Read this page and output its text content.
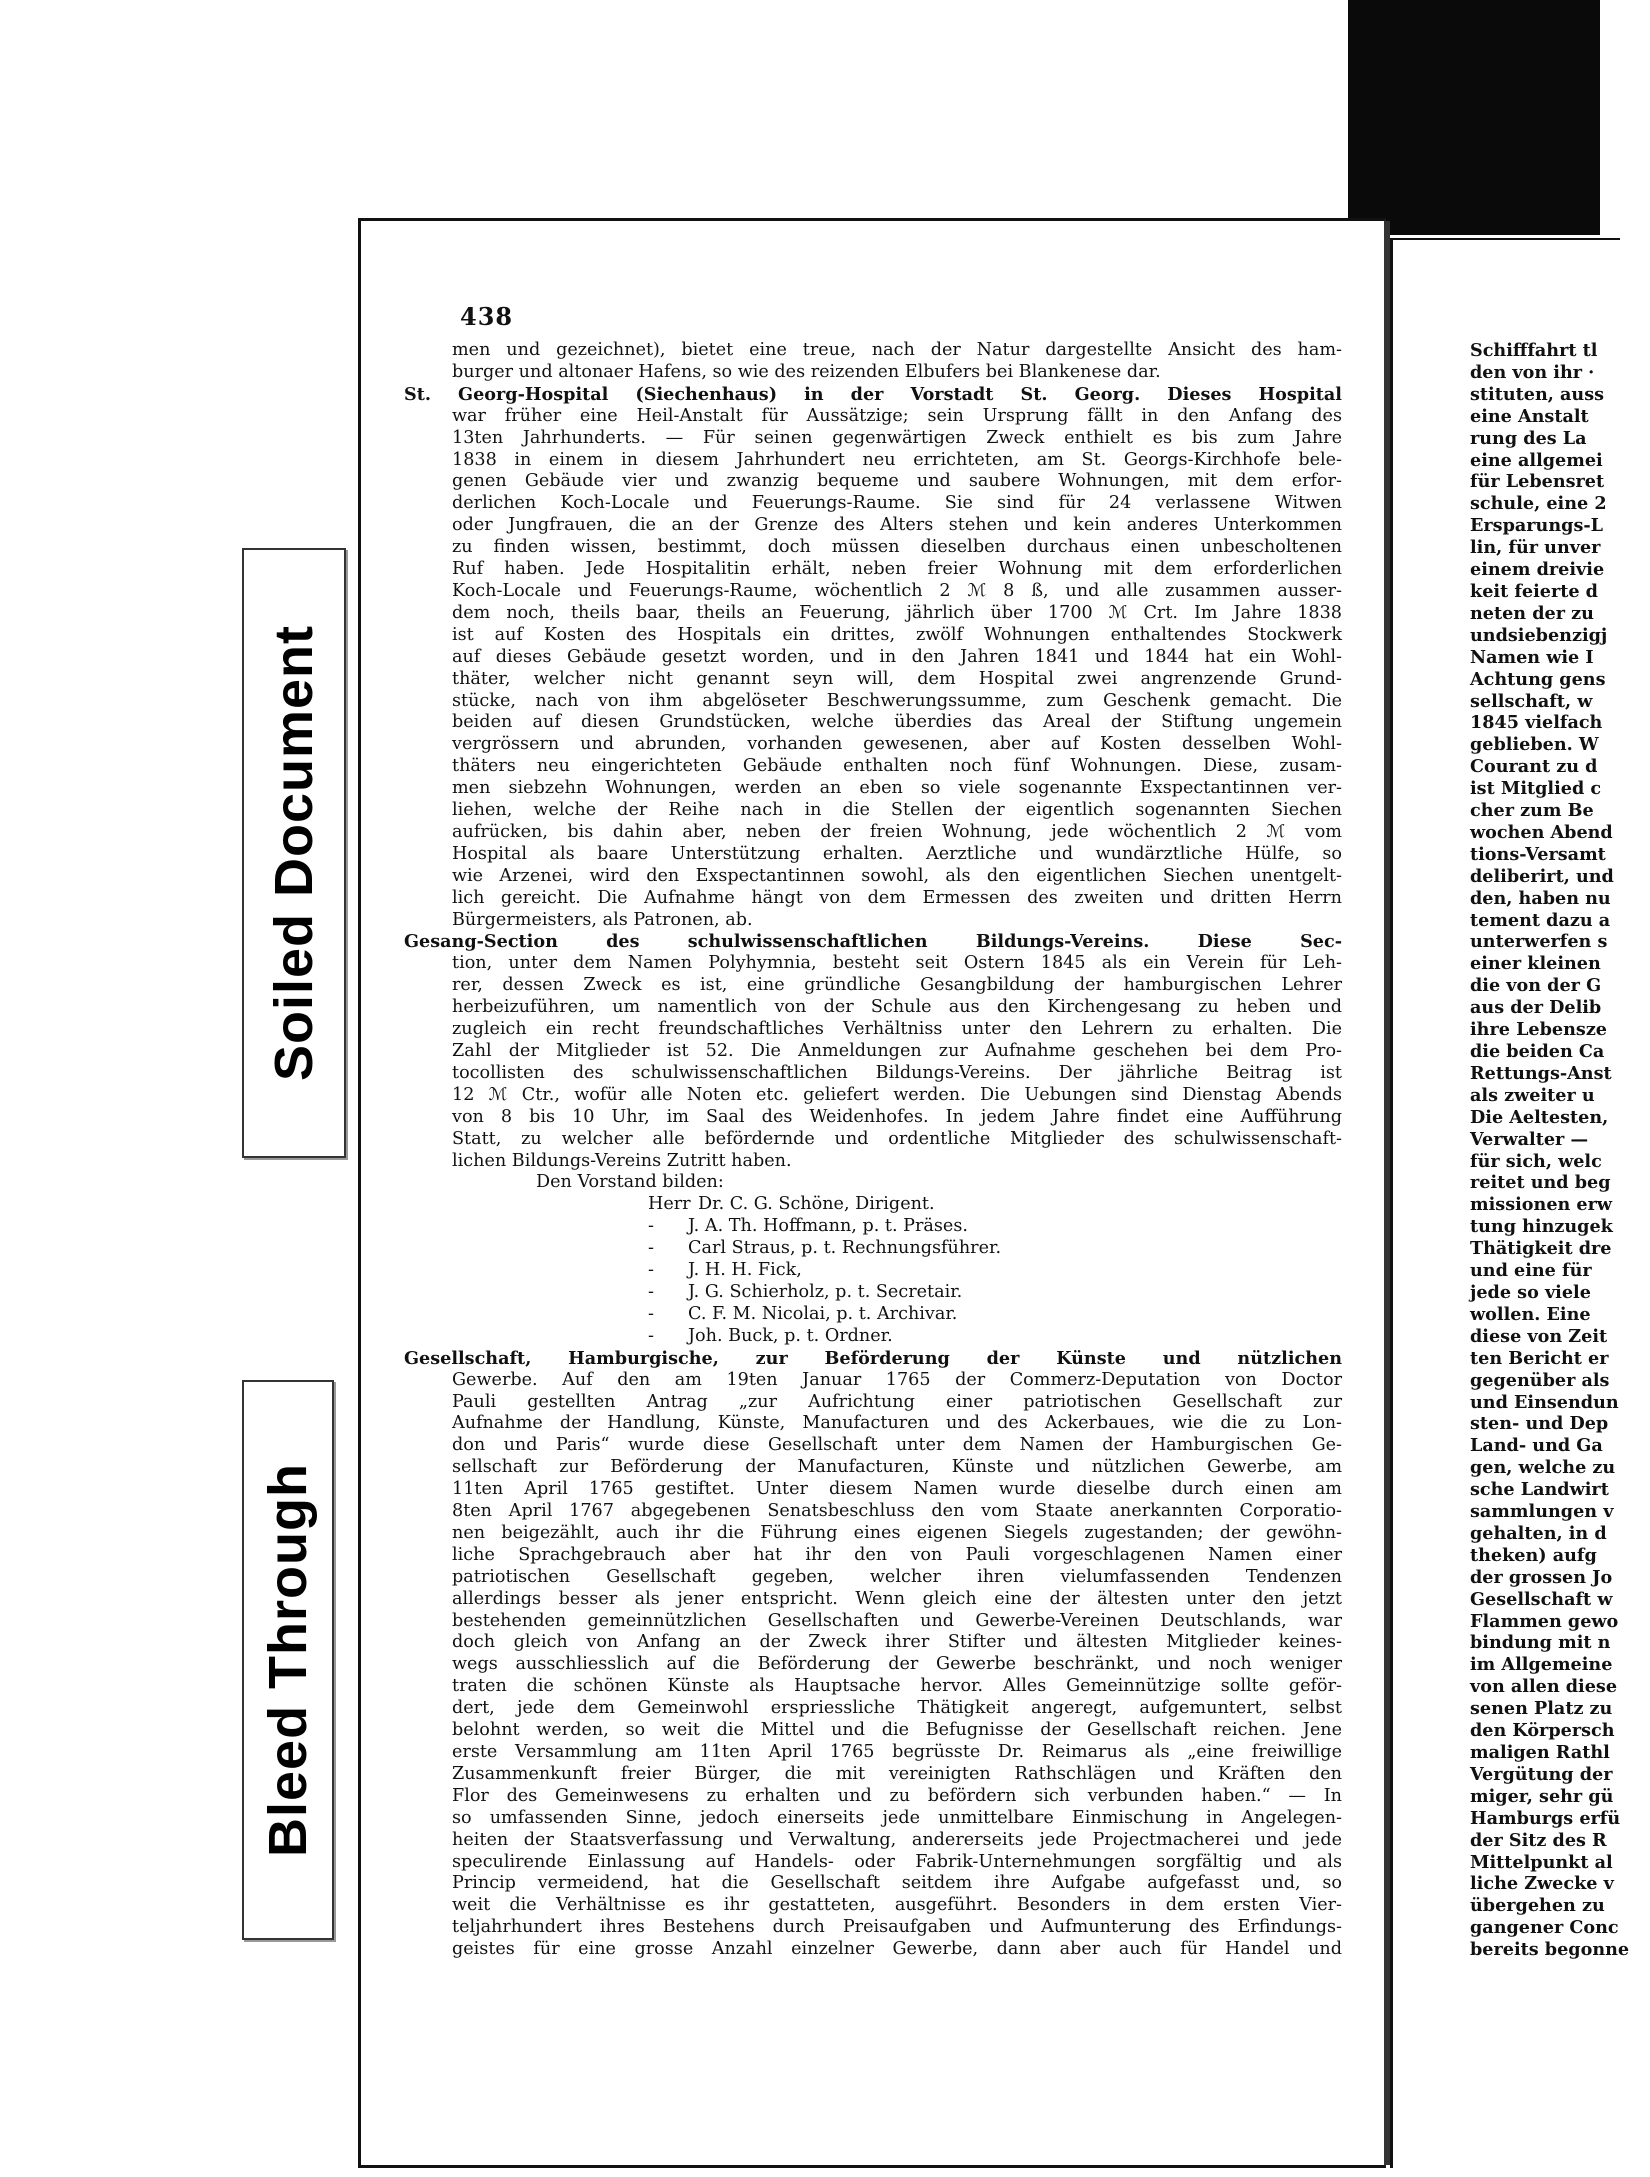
Soiled Document
Bleed Through
438
men und gezeichnet), bietet eine treue, nach der Natur dargestellte Ansicht des ham-
burger und altonaer Hafens, so wie des reizenden Elbufers bei Blankenese dar.
St. Georg-Hospital (Siechenhaus) in der Vorstadt St. Georg. Dieses Hospital
war früher eine Heil-Anstalt für Aussätzige; sein Ursprung fällt in den Anfang des
13ten Jahrhunderts. — Für seinen gegenwärtigen Zweck enthielt es bis zum Jahre
1838 in einem in diesem Jahrhundert neu errichteten, am St. Georgs-Kirchhofe bele-
genen Gebäude vier und zwanzig bequeme und saubere Wohnungen, mit dem erfor-
derlichen Koch-Locale und Feuerungs-Raume. Sie sind für 24 verlassene Witwen
oder Jungfrauen, die an der Grenze des Alters stehen und kein anderes Unterkommen
zu finden wissen, bestimmt, doch müssen dieselben durchaus einen unbescholtenen
Ruf haben. Jede Hospitalitin erhält, neben freier Wohnung mit dem erforderlichen
Koch-Locale und Feuerungs-Raume, wöchentlich 2 ℳ 8 ß, und alle zusammen ausser-
dem noch, theils baar, theils an Feuerung, jährlich über 1700 ℳ Crt. Im Jahre 1838
ist auf Kosten des Hospitals ein drittes, zwölf Wohnungen enthaltendes Stockwerk
auf dieses Gebäude gesetzt worden, und in den Jahren 1841 und 1844 hat ein Wohl-
thäter, welcher nicht genannt seyn will, dem Hospital zwei angrenzende Grund-
stücke, nach von ihm abgelöseter Beschwerungssumme, zum Geschenk gemacht. Die
beiden auf diesen Grundstücken, welche überdies das Areal der Stiftung ungemein
vergrössern und abrunden, vorhanden gewesenen, aber auf Kosten desselben Wohl-
thäters neu eingerichteten Gebäude enthalten noch fünf Wohnungen. Diese, zusam-
men siebzehn Wohnungen, werden an eben so viele sogenannte Exspectantinnen ver-
liehen, welche der Reihe nach in die Stellen der eigentlich sogenannten Siechen
aufrücken, bis dahin aber, neben der freien Wohnung, jede wöchentlich 2 ℳ vom
Hospital als baare Unterstützung erhalten. Aerztliche und wundärztliche Hülfe, so
wie Arzenei, wird den Exspectantinnen sowohl, als den eigentlichen Siechen unentgelt-
lich gereicht. Die Aufnahme hängt von dem Ermessen des zweiten und dritten Herrn
Bürgermeisters, als Patronen, ab.
Gesang-Section des schulwissenschaftlichen Bildungs-Vereins. Diese Sec-
tion, unter dem Namen Polyhymnia, besteht seit Ostern 1845 als ein Verein für Leh-
rer, dessen Zweck es ist, eine gründliche Gesangbildung der hamburgischen Lehrer
herbeizuführen, um namentlich von der Schule aus den Kirchengesang zu heben und
zugleich ein recht freundschaftliches Verhältniss unter den Lehrern zu erhalten. Die
Zahl der Mitglieder ist 52. Die Anmeldungen zur Aufnahme geschehen bei dem Pro-
tocollisten des schulwissenschaftlichen Bildungs-Vereins. Der jährliche Beitrag ist
12 ℳ Ctr., wofür alle Noten etc. geliefert werden. Die Uebungen sind Dienstag Abends
von 8 bis 10 Uhr, im Saal des Weidenhofes. In jedem Jahre findet eine Aufführung
Statt, zu welcher alle befördernde und ordentliche Mitglieder des schulwissenschaft-
lichen Bildungs-Vereins Zutritt haben.
Den Vorstand bilden:
Herr Dr. C. G. Schöne, Dirigent.
- J. A. Th. Hoffmann, p. t. Präses.
- Carl Straus, p. t. Rechnungsführer.
- J. H. H. Fick,
- J. G. Schierholz, p. t. Secretair.
- C. F. M. Nicolai, p. t. Archivar.
- Joh. Buck, p. t. Ordner.
Gesellschaft, Hamburgische, zur Beförderung der Künste und nützlichen
Gewerbe. Auf den am 19ten Januar 1765 der Commerz-Deputation von Doctor
Pauli gestellten Antrag „zur Aufrichtung einer patriotischen Gesellschaft zur
Aufnahme der Handlung, Künste, Manufacturen und des Ackerbaues, wie die zu Lon-
don und Paris“ wurde diese Gesellschaft unter dem Namen der Hamburgischen Ge-
sellschaft zur Beförderung der Manufacturen, Künste und nützlichen Gewerbe, am
11ten April 1765 gestiftet. Unter diesem Namen wurde dieselbe durch einen am
8ten April 1767 abgegebenen Senatsbeschluss den vom Staate anerkannten Corporatio-
nen beigezählt, auch ihr die Führung eines eigenen Siegels zugestanden; der gewöhn-
liche Sprachgebrauch aber hat ihr den von Pauli vorgeschlagenen Namen einer
patriotischen Gesellschaft gegeben, welcher ihren vielumfassenden Tendenzen
allerdings besser als jener entspricht. Wenn gleich eine der ältesten unter den jetzt
bestehenden gemeinnützlichen Gesellschaften und Gewerbe-Vereinen Deutschlands, war
doch gleich von Anfang an der Zweck ihrer Stifter und ältesten Mitglieder keines-
wegs ausschliesslich auf die Beförderung der Gewerbe beschränkt, und noch weniger
traten die schönen Künste als Hauptsache hervor. Alles Gemeinnützige sollte geför-
dert, jede dem Gemeinwohl erspriessliche Thätigkeit angeregt, aufgemuntert, selbst
belohnt werden, so weit die Mittel und die Befugnisse der Gesellschaft reichen. Jene
erste Versammlung am 11ten April 1765 begrüsste Dr. Reimarus als „eine freiwillige
Zusammenkunft freier Bürger, die mit vereinigten Rathschlägen und Kräften den
Flor des Gemeinwesens zu erhalten und zu befördern sich verbunden haben.“ — In
so umfassenden Sinne, jedoch einerseits jede unmittelbare Einmischung in Angelegen-
heiten der Staatsverfassung und Verwaltung, andererseits jede Projectmacherei und jede
speculirende Einlassung auf Handels- oder Fabrik-Unternehmungen sorgfältig und als
Princip vermeidend, hat die Gesellschaft seitdem ihre Aufgabe aufgefasst und, so
weit die Verhältnisse es ihr gestatteten, ausgeführt. Besonders in dem ersten Vier-
teljahrhundert ihres Bestehens durch Preisaufgaben und Aufmunterung des Erfindungs-
geistes für eine grosse Anzahl einzelner Gewerbe, dann aber auch für Handel und
Schifffahrt tl
den von ihr ·
stituten, auss
eine Anstalt
rung des La
eine allgemei
für Lebensret
schule, eine 2
Ersparungs-L
lin, für unver
einem dreivie
keit feierte d
neten der zu
undsiebenzigj
Namen wie I
Achtung gens
sellschaft, w
1845 vielfach
geblieben. W
Courant zu d
ist Mitglied c
cher zum Be
wochen Abend
tions-Versamt
deliberirt, und
den, haben nu
tement dazu a
unterwerfen s
einer kleinen
die von der G
aus der Delib
ihre Lebensze
die beiden Ca
Rettungs-Anst
als zweiter u
Die Aeltesten,
Verwalter —
für sich, welc
reitet und beg
missionen erw
tung hinzugek
Thätigkeit dre
und eine für
jede so viele
wollen. Eine
diese von Zeit
ten Bericht er
gegenüber als
und Einsendun
sten- und Dep
Land- und Ga
gen, welche zu
sche Landwirt
sammlungen v
gehalten, in d
theken) aufg
der grossen Jo
Gesellschaft w
Flammen gewo
bindung mit n
im Allgemeine
von allen diese
senen Platz zu
den Körpersch
maligen Rathl
Vergütung der
miger, sehr gü
Hamburgs erfü
der Sitz des R
Mittelpunkt al
liche Zwecke v
übergehen zu
gangener Conc
bereits begonne
